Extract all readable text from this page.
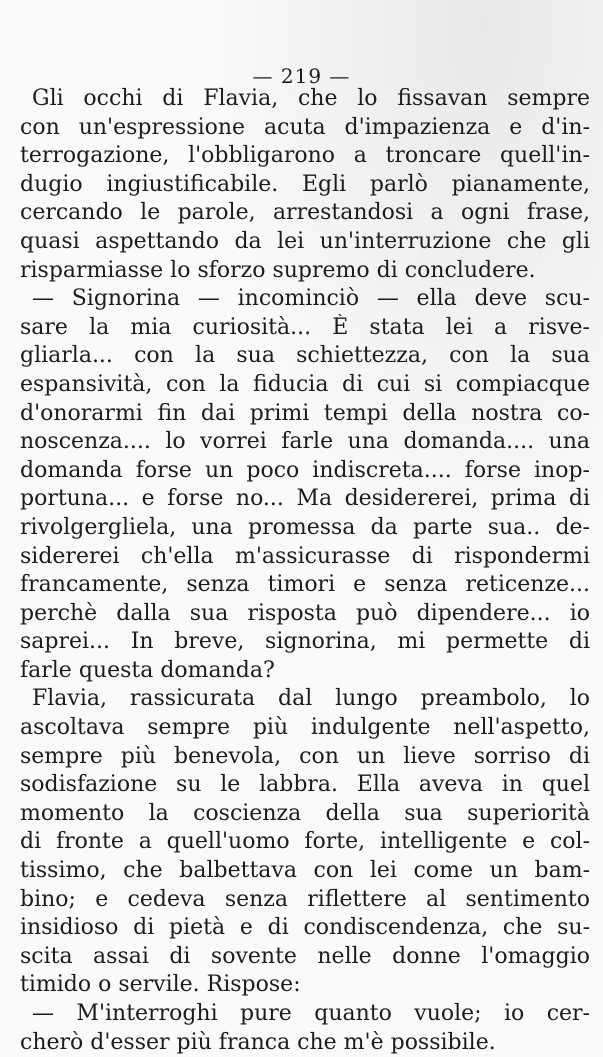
— 219 —
Gli occhi di Flavia, che lo fissavan sempre
con un'espressione acuta d'impazienza e d'in-
terrogazione, l'obbligarono a troncare quell'in-
dugio ingiustificabile. Egli parlò pianamente,
cercando le parole, arrestandosi a ogni frase,
quasi aspettando da lei un'interruzione che gli
risparmiasse lo sforzo supremo di concludere.
— Signorina — incominciò — ella deve scu-
sare la mia curiosità... È stata lei a risve-
gliarla... con la sua schiettezza, con la sua
espansività, con la fiducia di cui si compiacque
d'onorarmi fin dai primi tempi della nostra co-
noscenza.... lo vorrei farle una domanda.... una
domanda forse un poco indiscreta.... forse inop-
portuna... e forse no... Ma desidererei, prima di
rivolgergliela, una promessa da parte sua.. de-
sidererei ch'ella m'assicurasse di rispondermi
francamente, senza timori e senza reticenze...
perchè dalla sua risposta può dipendere... io
saprei... In breve, signorina, mi permette di
farle questa domanda?
Flavia, rassicurata dal lungo preambolo, lo
ascoltava sempre più indulgente nell'aspetto,
sempre più benevola, con un lieve sorriso di
sodisfazione su le labbra. Ella aveva in quel
momento la coscienza della sua superiorità
di fronte a quell'uomo forte, intelligente e col-
tissimo, che balbettava con lei come un bam-
bino; e cedeva senza riflettere al sentimento
insidioso di pietà e di condiscendenza, che su-
scita assai di sovente nelle donne l'omaggio
timido o servile. Rispose:
— M'interroghi pure quanto vuole; io cer-
cherò d'esser più franca che m'è possibile.
